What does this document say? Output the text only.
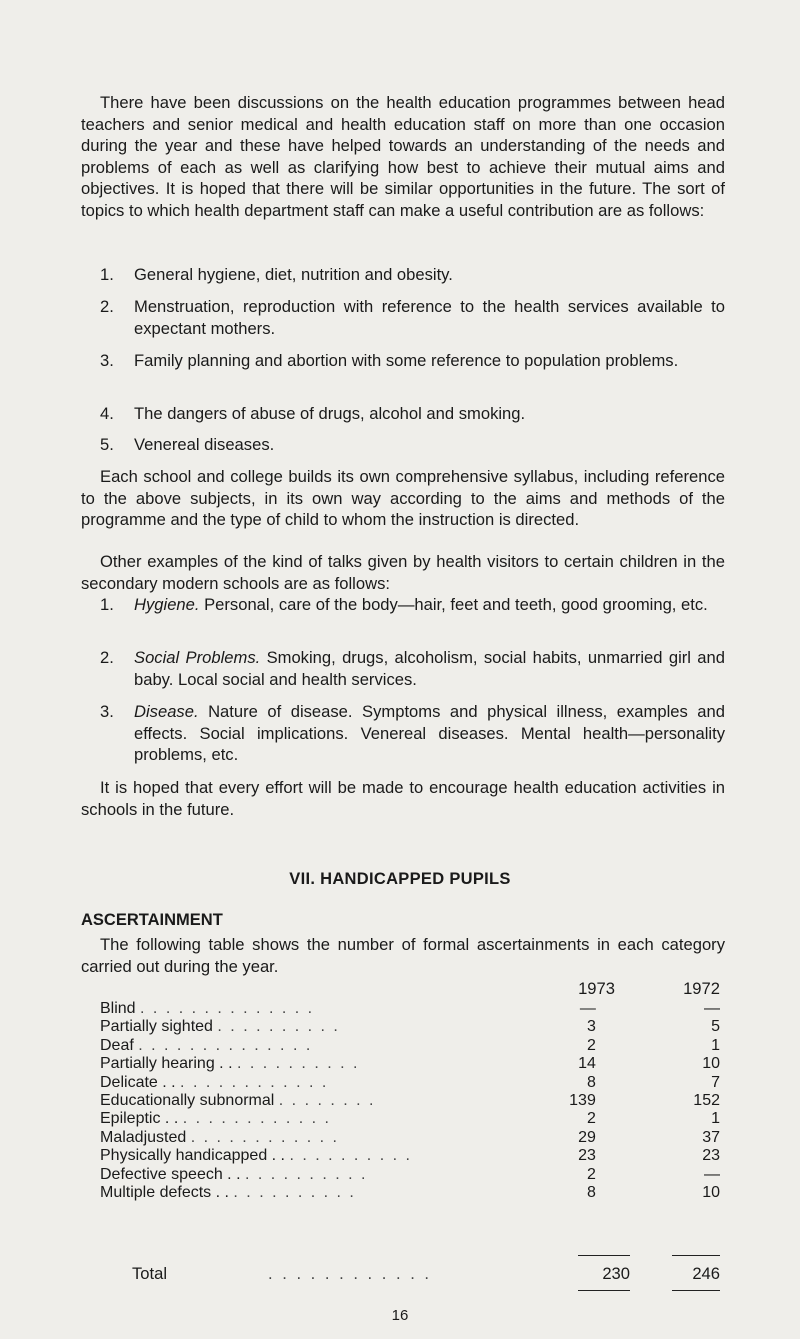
There have been discussions on the health education programmes between head teachers and senior medical and health education staff on more than one occasion during the year and these have helped towards an understanding of the needs and problems of each as well as clarifying how best to achieve their mutual aims and objectives. It is hoped that there will be similar opportunities in the future. The sort of topics to which health department staff can make a useful contribution are as follows:

1.	General hygiene, diet, nutrition and obesity.
2.	Menstruation, reproduction with reference to the health services available to expectant mothers.
3.	Family planning and abortion with some reference to population problems.
4.	The dangers of abuse of drugs, alcohol and smoking.
5.	Venereal diseases.

Each school and college builds its own comprehensive syllabus, including reference to the above subjects, in its own way according to the aims and methods of the programme and the type of child to whom the instruction is directed.

Other examples of the kind of talks given by health visitors to certain children in the secondary modern schools are as follows:

1.	Hygiene. Personal, care of the body—hair, feet and teeth, good grooming, etc.
2.	Social Problems. Smoking, drugs, alcoholism, social habits, unmarried girl and baby. Local social and health services.
3.	Disease. Nature of disease. Symptoms and physical illness, examples and effects. Social implications. Venereal diseases. Mental health—personality problems, etc.

It is hoped that every effort will be made to encourage health education activities in schools in the future.

VII. HANDICAPPED PUPILS
ASCERTAINMENT

The following table shows the number of formal ascertainments in each category carried out during the year.

1973	1972
Blind . . . . . . . . . . . . . .	—	—
Partially sighted . . . . . . . . . .	3	5
Deaf . . . . . . . . . . . . . .	2	1
Partially hearing . . . . . . . . . . . .	14	10
Delicate . . . . . . . . . . . . . .	8	7
Educationally subnormal . . . . . . . .	139	152
Epileptic . . . . . . . . . . . . . .	2	1
Maladjusted . . . . . . . . . . . .	29	37
Physically handicapped . . . . . . . . . . . .	23	23
Defective speech . . . . . . . . . . . .	2	—
Multiple defects . . . . . . . . . . . .	8	10
Total	. . . . . . . . . . . .	230	246
16
